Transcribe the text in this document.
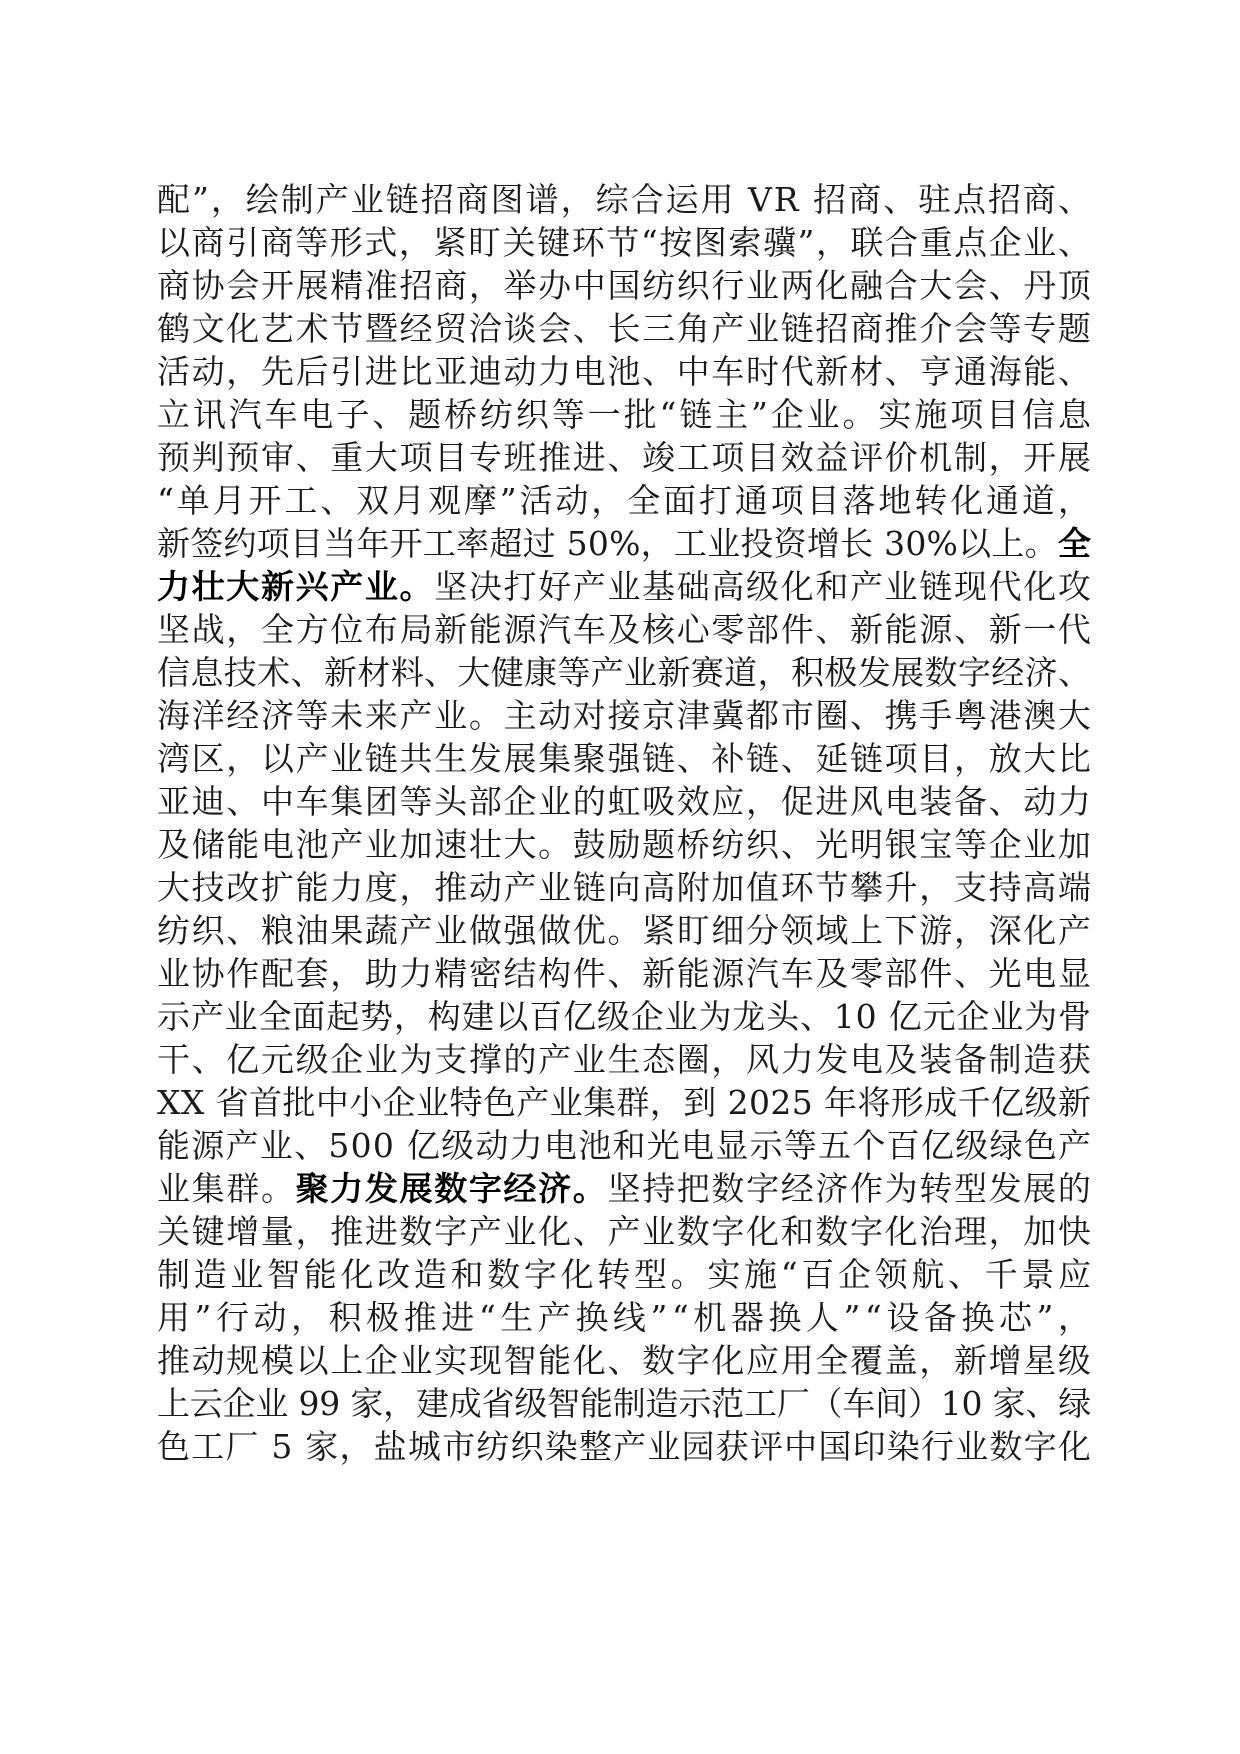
配”，绘制产业链招商图谱，综合运用 VR 招商、驻点招商、
以商引商等形式，紧盯关键环节“按图索骥”，联合重点企业、
商协会开展精准招商，举办中国纺织行业两化融合大会、丹顶
鹤文化艺术节暨经贸洽谈会、长三角产业链招商推介会等专题
活动，先后引进比亚迪动力电池、中车时代新材、亨通海能、
立讯汽车电子、题桥纺织等一批“链主”企业。实施项目信息
预判预审、重大项目专班推进、竣工项目效益评价机制，开展
“单月开工、双月观摩”活动，全面打通项目落地转化通道，
新签约项目当年开工率超过 50%，工业投资增长 30%以上。全
力壮大新兴产业。坚决打好产业基础高级化和产业链现代化攻
坚战，全方位布局新能源汽车及核心零部件、新能源、新一代
信息技术、新材料、大健康等产业新赛道，积极发展数字经济、
海洋经济等未来产业。主动对接京津冀都市圈、携手粤港澳大
湾区，以产业链共生发展集聚强链、补链、延链项目，放大比
亚迪、中车集团等头部企业的虹吸效应，促进风电装备、动力
及储能电池产业加速壮大。鼓励题桥纺织、光明银宝等企业加
大技改扩能力度，推动产业链向高附加值环节攀升，支持高端
纺织、粮油果蔬产业做强做优。紧盯细分领域上下游，深化产
业协作配套，助力精密结构件、新能源汽车及零部件、光电显
示产业全面起势，构建以百亿级企业为龙头、10 亿元企业为骨
干、亿元级企业为支撑的产业生态圈，风力发电及装备制造获
XX 省首批中小企业特色产业集群，到 2025 年将形成千亿级新
能源产业、500 亿级动力电池和光电显示等五个百亿级绿色产
业集群。聚力发展数字经济。坚持把数字经济作为转型发展的
关键增量，推进数字产业化、产业数字化和数字化治理，加快
制造业智能化改造和数字化转型。实施“百企领航、千景应
用”行动，积极推进“生产换线”“机器换人”“设备换芯”，
推动规模以上企业实现智能化、数字化应用全覆盖，新增星级
上云企业 99 家，建成省级智能制造示范工厂（车间）10 家、绿
色工厂 5 家，盐城市纺织染整产业园获评中国印染行业数字化
